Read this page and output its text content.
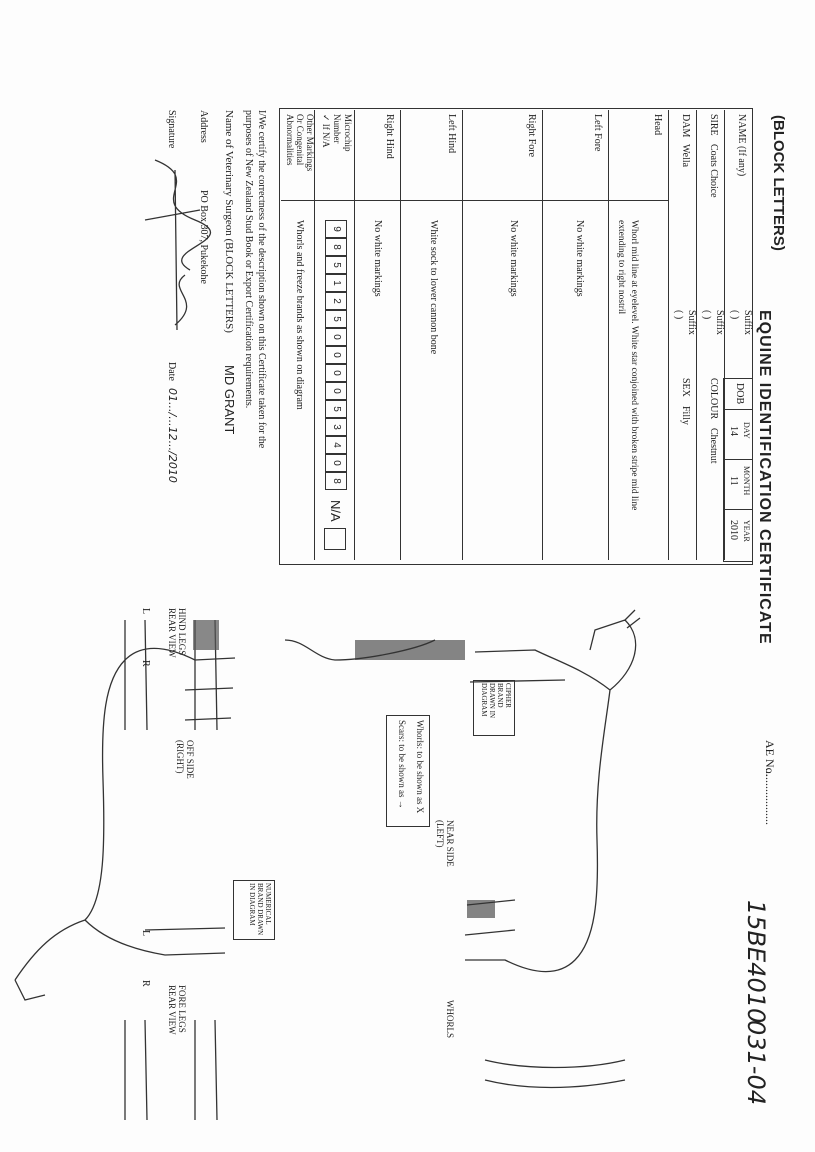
(BLOCK LETTERS)
EQUINE IDENTIFICATION CERTIFICATE
AE No.
...................
15BE4010
031-04
NAME (If any)
Suffix
( )
SIRE
Coats Choice
Suffix
( )
COLOUR
Chestnut
DAM
Wella
Suffix
( )
SEX
Filly
DOB
DAY
14
MONTH
11
YEAR
2010
Head
Whorl mid line at eyelevel. White star conjoined with broken stripe mid line
extending to right nostril
Left Fore
No white markings
Right Fore
No white markings
Left Hind
White sock to lower cannon bone
Right Hind
No white markings
Microchip
Number
✓ If N/A
9
8
5
1
2
5
0
0
0
0
5
3
4
0
8
N/A
Other Markings
Or Congenital
Abnormalities
Whorls and freeze brands as shown on diagram
I/We certify the correctness of the description shown on this Certificate taken for the
purposes of New Zealand Stud Book or Export Certification requirements.
Name of Veterinary Surgeon (BLOCK LETTERS)
MD GRANT
Address
PO Box 307, Pukekohe
Signature
Date
01.../...12.../2010
HIND LEGS
REAR VIEW
FORE LEGS
REAR VIEW
NEAR SIDE
(LEFT)
OFF SIDE
(RIGHT)
WHORLS
L
R
L
R
CIPHER BRAND DRAWN IN DIAGRAM
NUMERICAL BRAND DRAWN IN DIAGRAM
Whorls: to be shown as X
Scars: to be shown as →
